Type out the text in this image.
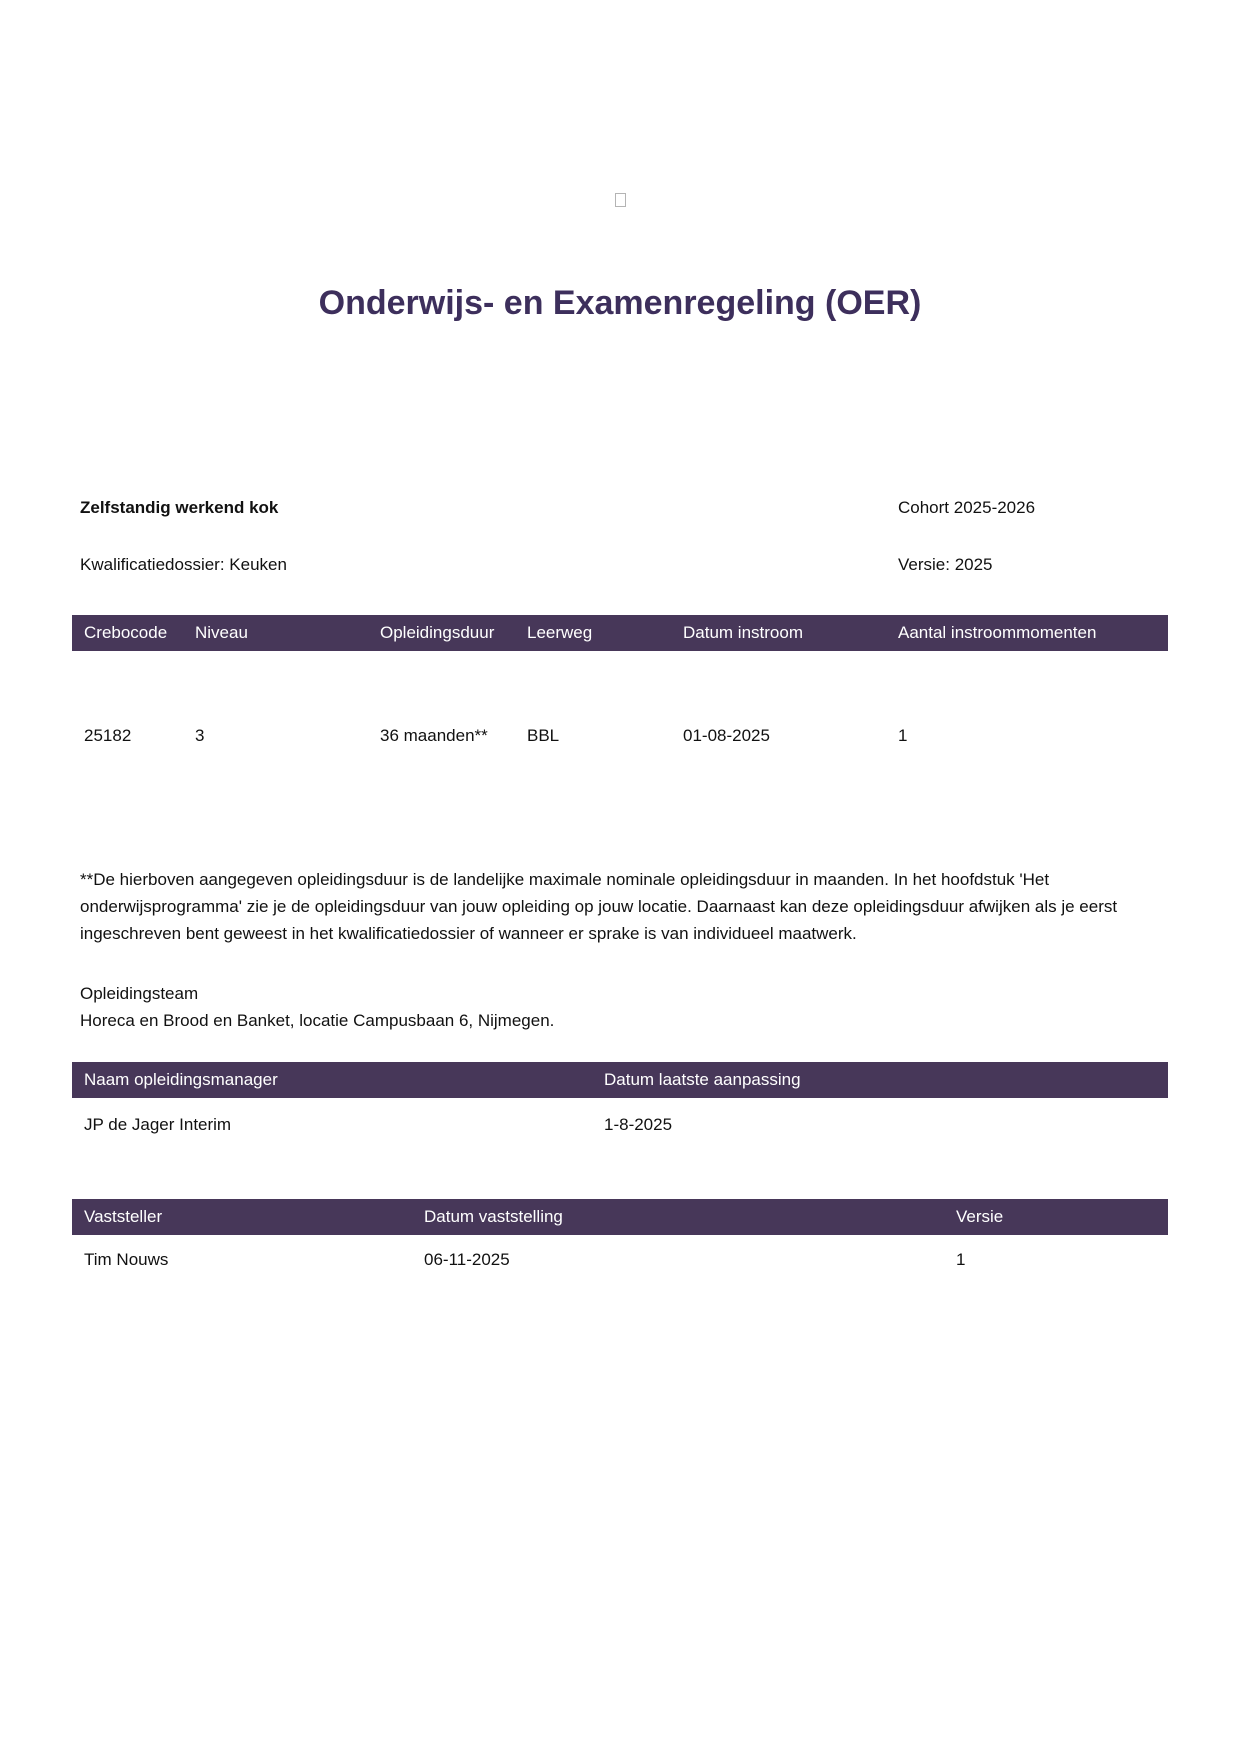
Onderwijs- en Examenregeling (OER)
Zelfstandig werkend kok	Cohort 2025-2026
Kwalificatiedossier: Keuken	Versie: 2025
Crebocode	Niveau	Opleidingsduur	Leerweg	Datum instroom	Aantal instroommomenten
25182	3	36 maanden**	BBL	01-08-2025	1

**De hierboven aangegeven opleidingsduur is de landelijke maximale nominale opleidingsduur in maanden. In het hoofdstuk 'Het onderwijsprogramma' zie je de opleidingsduur van jouw opleiding op jouw locatie. Daarnaast kan deze opleidingsduur afwijken als je eerst ingeschreven bent geweest in het kwalificatiedossier of wanneer er sprake is van individueel maatwerk.

Opleidingsteam
Horeca en Brood en Banket, locatie Campusbaan 6, Nijmegen.
Naam opleidingsmanager	Datum laatste aanpassing
JP de Jager Interim	1-8-2025
Vaststeller	Datum vaststelling	Versie
Tim Nouws	06-11-2025	1
